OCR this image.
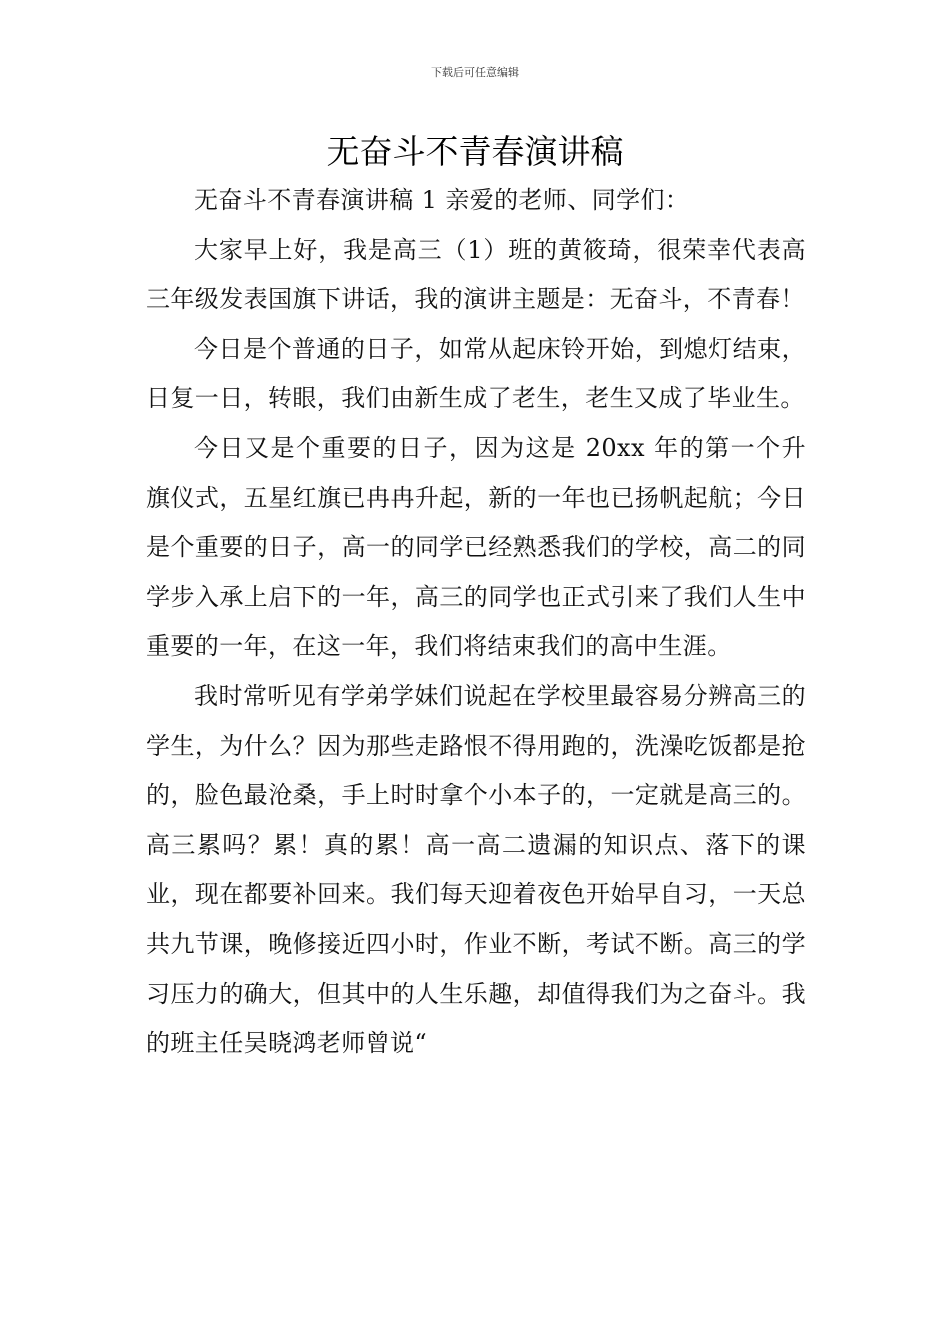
下载后可任意编辑
无奋斗不青春演讲稿

无奋斗不青春演讲稿 1 亲爱的老师、同学们：

大家早上好，我是高三（1）班的黄筱琦，很荣幸代表高三年级发表国旗下讲话，我的演讲主题是：无奋斗，不青春！

今日是个普通的日子，如常从起床铃开始，到熄灯结束，日复一日，转眼，我们由新生成了老生，老生又成了毕业生。

今日又是个重要的日子，因为这是 20xx 年的第一个升旗仪式，五星红旗已冉冉升起，新的一年也已扬帆起航；今日是个重要的日子，高一的同学已经熟悉我们的学校，高二的同学步入承上启下的一年，高三的同学也正式引来了我们人生中重要的一年，在这一年，我们将结束我们的高中生涯。

我时常听见有学弟学妹们说起在学校里最容易分辨高三的学生，为什么？因为那些走路恨不得用跑的，洗澡吃饭都是抢的，脸色最沧桑，手上时时拿个小本子的，一定就是高三的。高三累吗？累！真的累！高一高二遗漏的知识点、落下的课业，现在都要补回来。我们每天迎着夜色开始早自习，一天总共九节课，晚修接近四小时，作业不断，考试不断。高三的学习压力的确大，但其中的人生乐趣，却值得我们为之奋斗。我的班主任吴晓鸿老师曾说“
